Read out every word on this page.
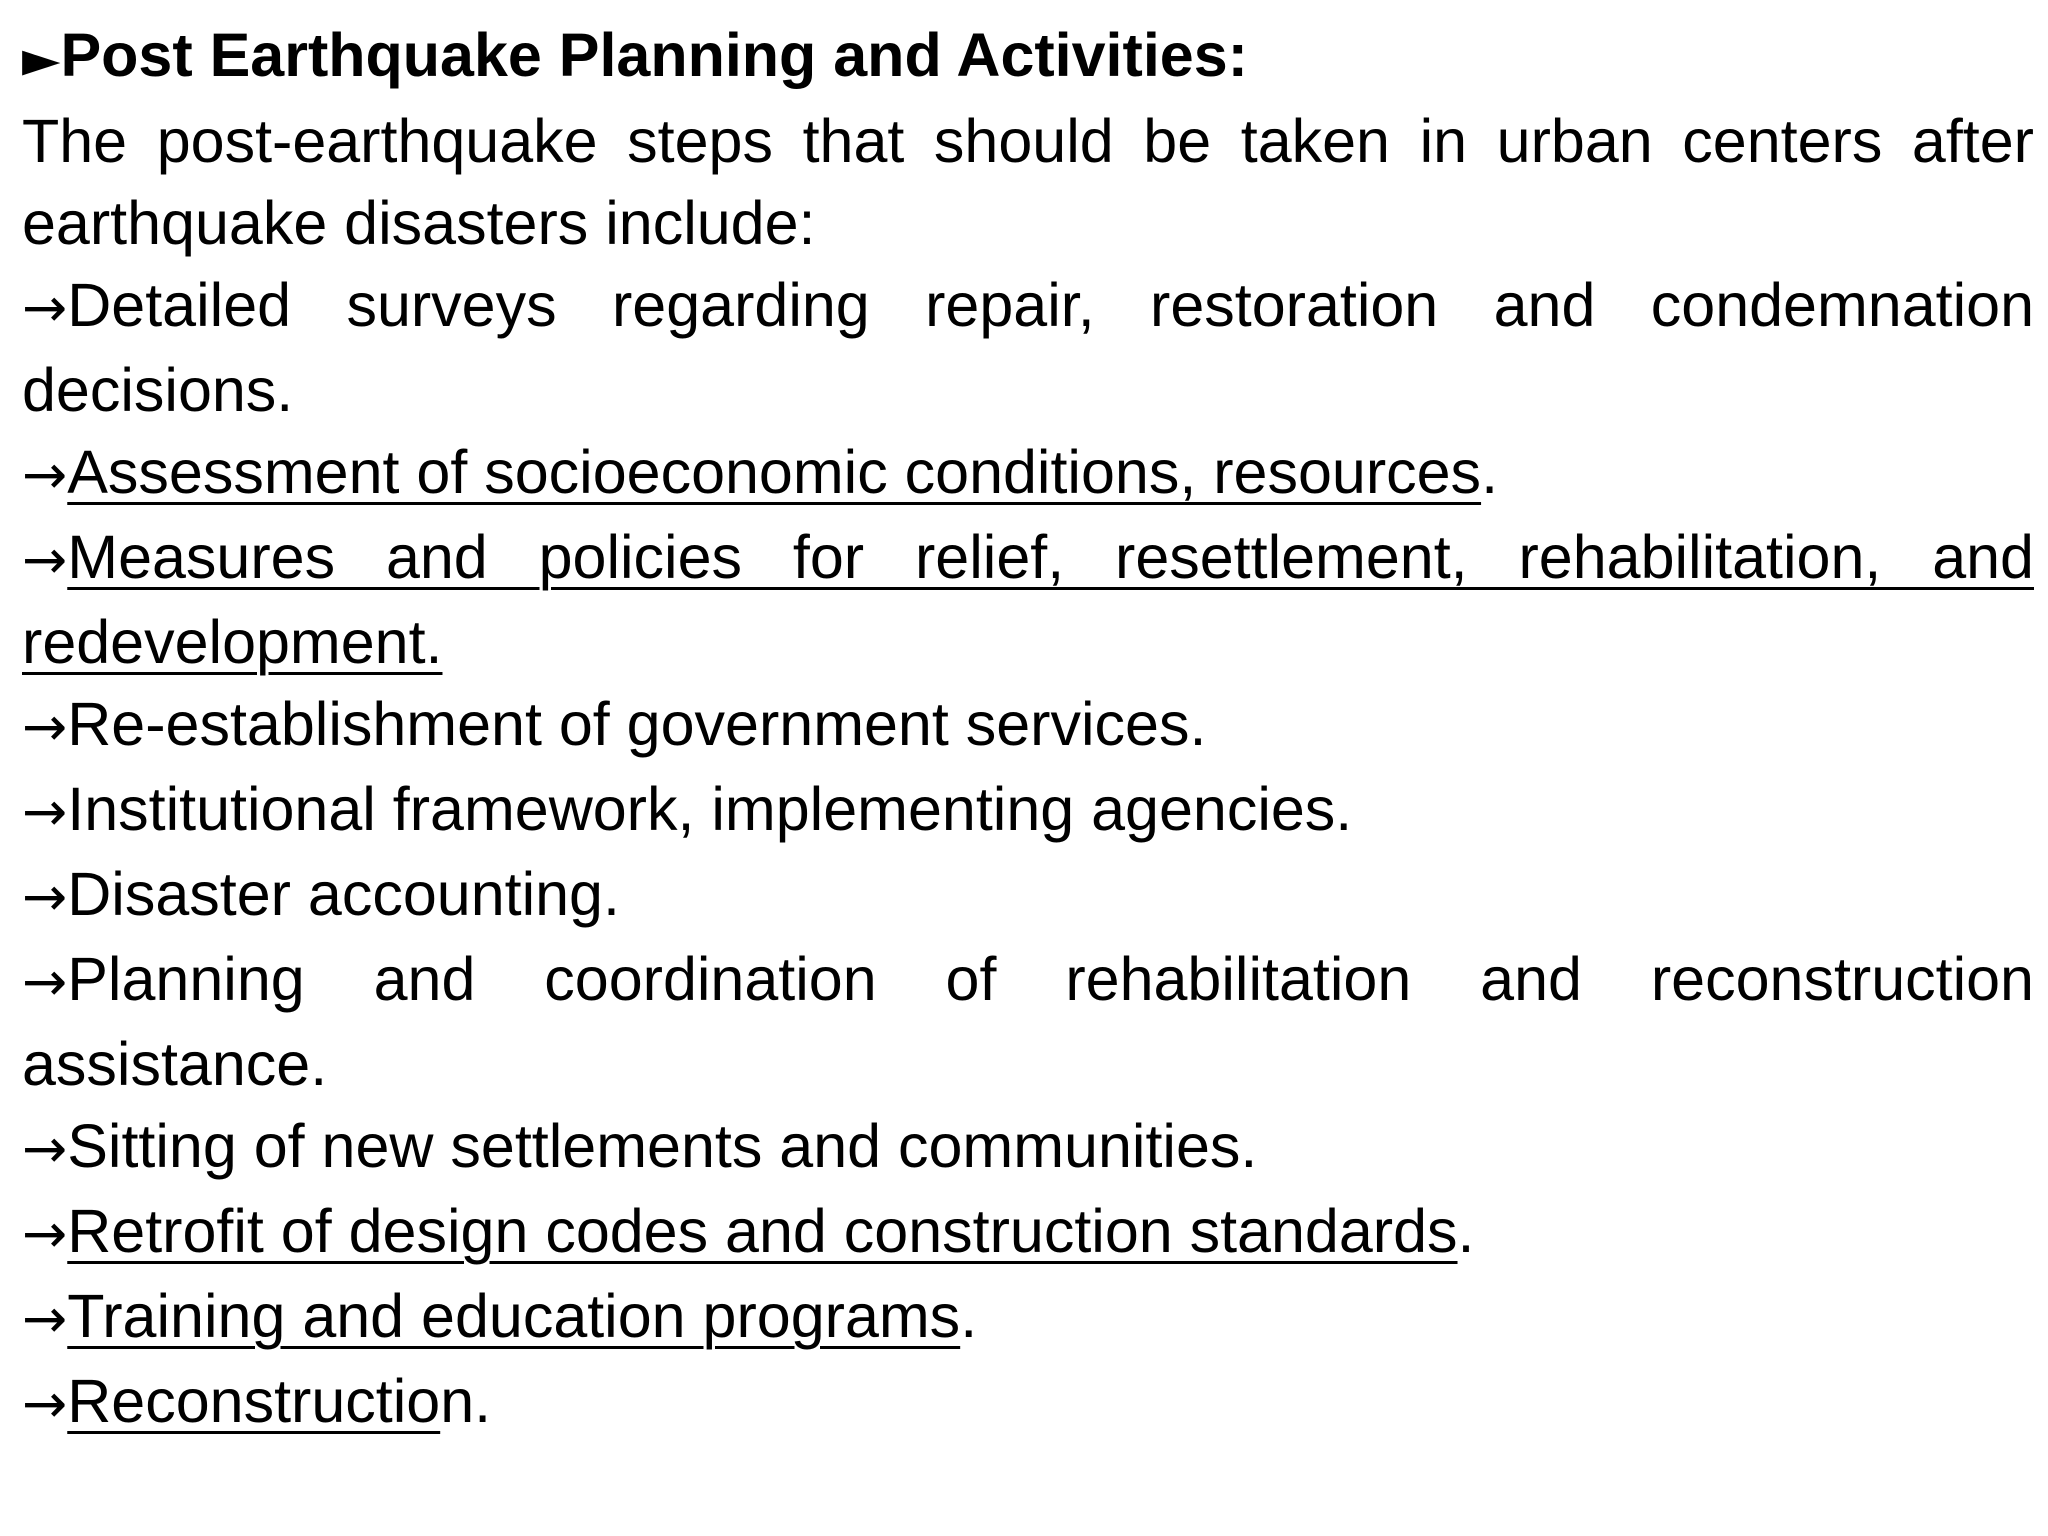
►Post Earthquake Planning and Activities:
The post-earthquake steps that should be taken in urban centers after earthquake disasters include:
→Detailed surveys regarding repair, restoration and condemnation decisions.
→Assessment of socioeconomic conditions, resources.
→Measures and policies for relief, resettlement, rehabilitation, and redevelopment.
→Re-establishment of government services.
→Institutional framework, implementing agencies.
→Disaster accounting.
→Planning and coordination of rehabilitation and reconstruction assistance.
→Sitting of new settlements and communities.
→Retrofit of design codes and construction standards.
→Training and education programs.
→Reconstruction.
